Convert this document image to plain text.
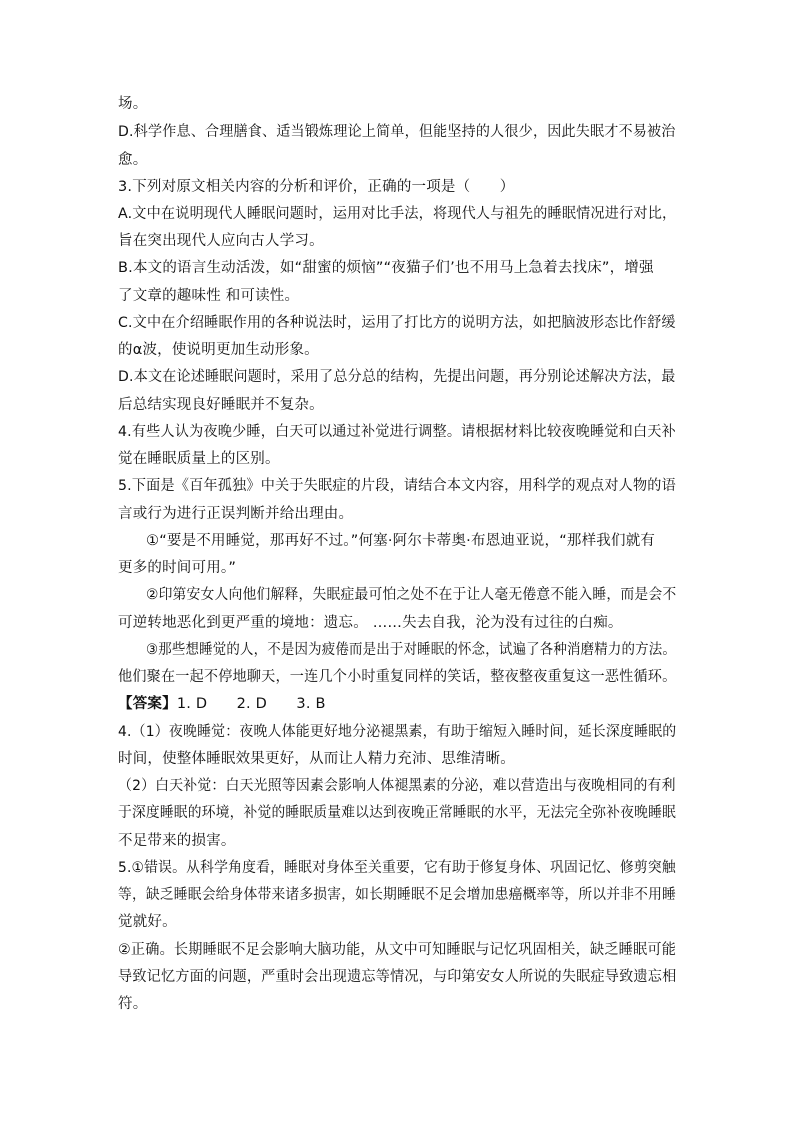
场。
D.科学作息、合理膳食、适当锻炼理论上简单，但能坚持的人很少，因此失眠才不易被治
愈。
3.下列对原文相关内容的分析和评价，正确的一项是（　　）
A.文中在说明现代人睡眠问题时，运用对比手法，将现代人与祖先的睡眠情况进行对比，
旨在突出现代人应向古人学习。
B.本文的语言生动活泼，如“甜蜜的烦恼”“夜猫子们’也不用马上急着去找床”，增强
了文章的趣味性 和可读性。
C.文中在介绍睡眠作用的各种说法时，运用了打比方的说明方法，如把脑波形态比作舒缓
的α波，使说明更加生动形象。
D.本文在论述睡眠问题时，采用了总分总的结构，先提出问题，再分别论述解决方法，最
后总结实现良好睡眠并不复杂。
4.有些人认为夜晚少睡，白天可以通过补觉进行调整。请根据材料比较夜晚睡觉和白天补
觉在睡眠质量上的区别。
5.下面是《百年孤独》中关于失眠症的片段，请结合本文内容，用科学的观点对人物的语
言或行为进行正误判断并给出理由。
①“要是不用睡觉，那再好不过。”何塞·阿尔卡蒂奥·布恩迪亚说，“那样我们就有
更多的时间可用。”
②印第安女人向他们解释，失眠症最可怕之处不在于让人毫无倦意不能入睡，而是会不
可逆转地恶化到更严重的境地：遗忘。 ……失去自我，沦为没有过往的白痴。
③那些想睡觉的人，不是因为疲倦而是出于对睡眠的怀念，试遍了各种消磨精力的方法。
他们聚在一起不停地聊天，一连几个小时重复同样的笑话，整夜整夜重复这一恶性循环。
【答案】1. D　　2. D　　3. B
4.（1）夜晚睡觉：夜晚人体能更好地分泌褪黑素，有助于缩短入睡时间，延长深度睡眠的
时间，使整体睡眠效果更好，从而让人精力充沛、思维清晰。
（2）白天补觉：白天光照等因素会影响人体褪黑素的分泌，难以营造出与夜晚相同的有利
于深度睡眠的环境，补觉的睡眠质量难以达到夜晚正常睡眠的水平，无法完全弥补夜晚睡眠
不足带来的损害。
5.①错误。从科学角度看，睡眠对身体至关重要，它有助于修复身体、巩固记忆、修剪突触
等，缺乏睡眠会给身体带来诸多损害，如长期睡眠不足会增加患癌概率等，所以并非不用睡
觉就好。
②正确。长期睡眠不足会影响大脑功能，从文中可知睡眠与记忆巩固相关，缺乏睡眠可能
导致记忆方面的问题，严重时会出现遗忘等情况，与印第安女人所说的失眠症导致遗忘相
符。
